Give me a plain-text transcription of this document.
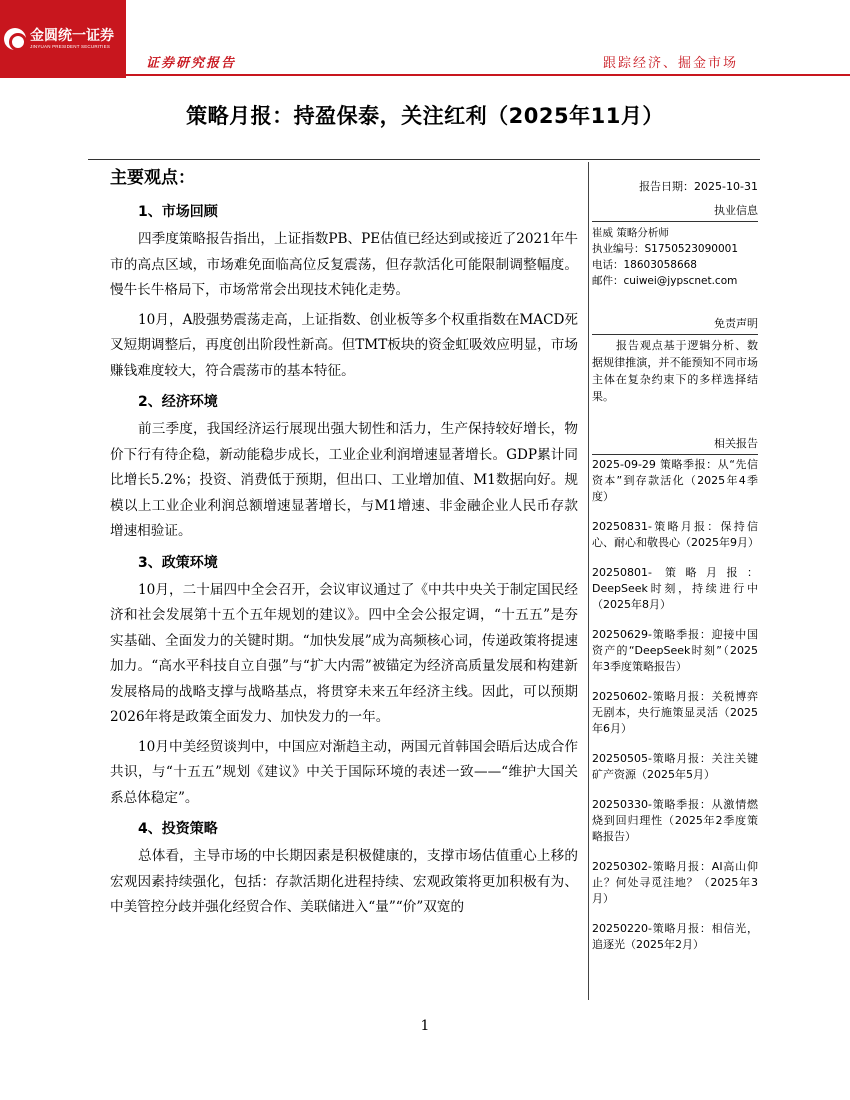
金圆统一证券
JINYUAN PRESIDENT SECURITIES
证券研究报告	跟踪经济、掘金市场
策略月报：持盈保泰，关注红利（2025年11月）
主要观点：
1、市场回顾

四季度策略报告指出，上证指数PB、PE估值已经达到或接近了2021年牛市的高点区域，市场难免面临高位反复震荡，但存款活化可能限制调整幅度。慢牛长牛格局下，市场常常会出现技术钝化走势。

10月，A股强势震荡走高，上证指数、创业板等多个权重指数在MACD死叉短期调整后，再度创出阶段性新高。但TMT板块的资金虹吸效应明显，市场赚钱难度较大，符合震荡市的基本特征。

2、经济环境

前三季度，我国经济运行展现出强大韧性和活力，生产保持较好增长，物价下行有待企稳，新动能稳步成长，工业企业利润增速显著增长。GDP累计同比增长5.2%；投资、消费低于预期，但出口、工业增加值、M1数据向好。规模以上工业企业利润总额增速显著增长，与M1增速、非金融企业人民币存款增速相验证。

3、政策环境

10月，二十届四中全会召开，会议审议通过了《中共中央关于制定国民经济和社会发展第十五个五年规划的建议》。四中全会公报定调，“十五五”是夯实基础、全面发力的关键时期。“加快发展”成为高频核心词，传递政策将提速加力。“高水平科技自立自强”与“扩大内需”被锚定为经济高质量发展和构建新发展格局的战略支撑与战略基点，将贯穿未来五年经济主线。因此，可以预期2026年将是政策全面发力、加快发力的一年。

10月中美经贸谈判中，中国应对渐趋主动，两国元首韩国会晤后达成合作共识，与“十五五”规划《建议》中关于国际环境的表述一致——“维护大国关系总体稳定”。

4、投资策略

总体看，主导市场的中长期因素是积极健康的，支撑市场估值重心上移的宏观因素持续强化，包括：存款活期化进程持续、宏观政策将更加积极有为、中美管控分歧并强化经贸合作、美联储进入“量”“价”双宽的

报告日期：2025-10-31
执业信息
崔威 策略分析师
执业编号：S1750523090001
电话：18603058668
邮件：cuiwei@jypscnet.com
免责声明

报告观点基于逻辑分析、数据规律推演，并不能预知不同市场主体在复杂约束下的多样选择结果。

相关报告

2025-09-29 策略季报：从“先信资本”到存款活化（2025年4季度）

20250831-策略月报：保持信心、耐心和敬畏心（2025年9月）

20250801- 策略月报：DeepSeek时刻，持续进行中（2025年8月）

20250629-策略季报：迎接中国资产的“DeepSeek时刻”（2025年3季度策略报告）

20250602-策略月报：关税博弈无剧本，央行施策显灵活（2025年6月）

20250505-策略月报：关注关键矿产资源（2025年5月）

20250330-策略季报：从激情燃烧到回归理性（2025年2季度策略报告）

20250302-策略月报：AI高山仰止？何处寻觅洼地？（2025年3月）

20250220-策略月报：相信光，追逐光（2025年2月）

1
